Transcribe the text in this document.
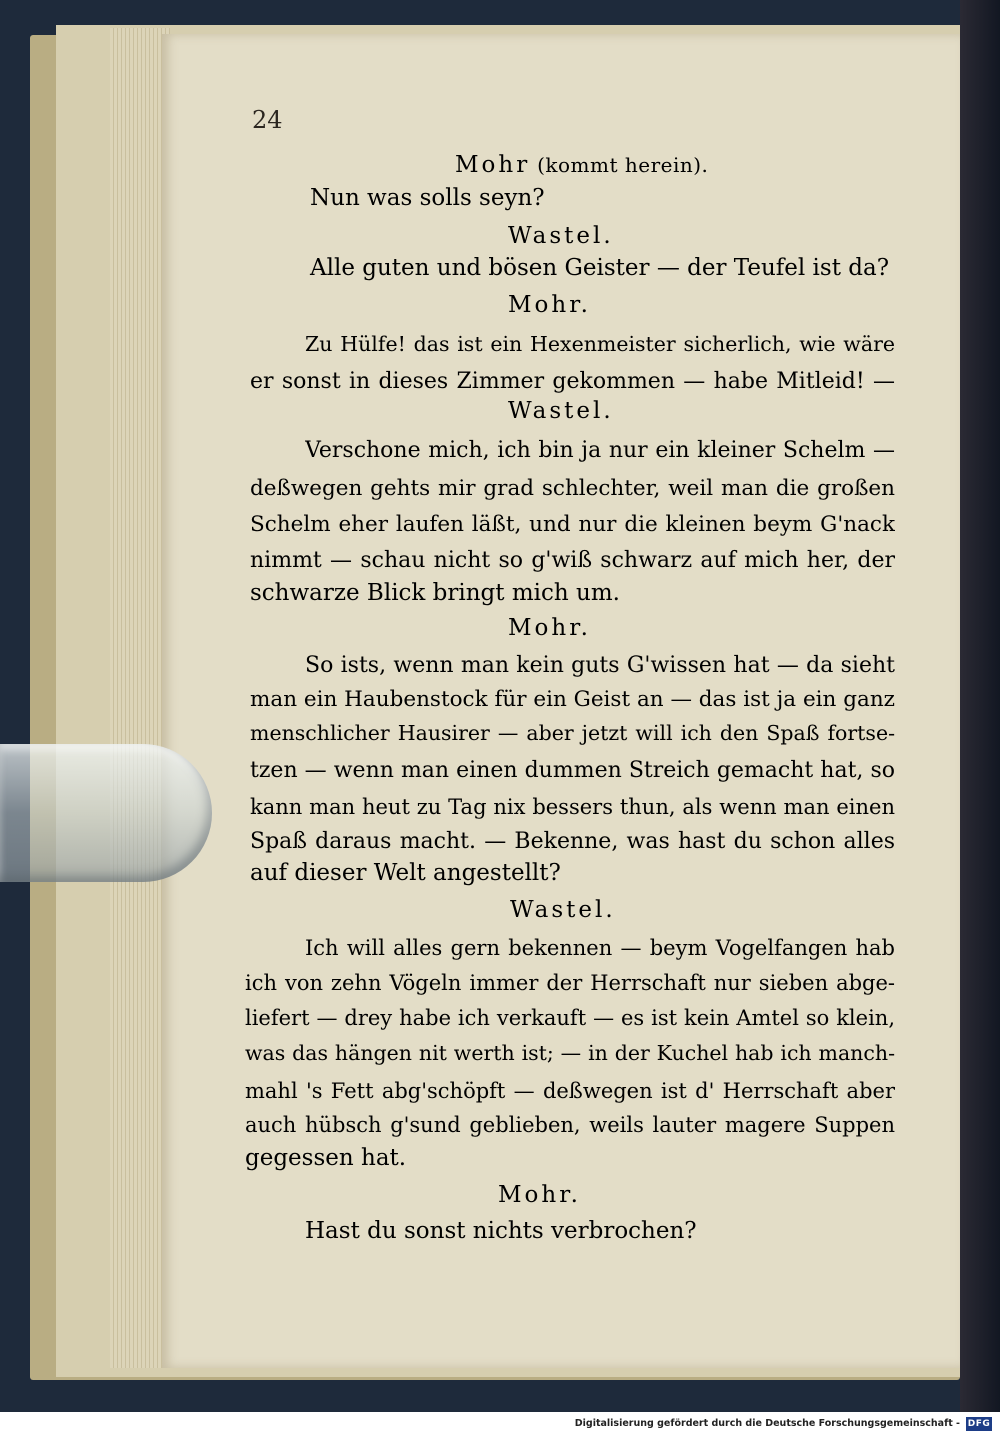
24
Mohr (kommt herein).
Nun was solls seyn?
Wastel.
Alle guten und bösen Geister — der Teufel ist da?
Mohr.
Zu Hülfe! das ist ein Hexenmeister sicherlich, wie wäre
er sonst in dieses Zimmer gekommen — habe Mitleid! —
Wastel.
Verschone mich, ich bin ja nur ein kleiner Schelm —
deßwegen gehts mir grad schlechter, weil man die großen
Schelm eher laufen läßt, und nur die kleinen beym G'nack
nimmt — schau nicht so g'wiß schwarz auf mich her, der
schwarze Blick bringt mich um.
Mohr.
So ists, wenn man kein guts G'wissen hat — da sieht
man ein Haubenstock für ein Geist an — das ist ja ein ganz
menschlicher Hausirer — aber jetzt will ich den Spaß fortse-
tzen — wenn man einen dummen Streich gemacht hat, so
kann man heut zu Tag nix bessers thun, als wenn man einen
Spaß daraus macht. — Bekenne, was hast du schon alles
auf dieser Welt angestellt?
Wastel.
Ich will alles gern bekennen — beym Vogelfangen hab
ich von zehn Vögeln immer der Herrschaft nur sieben abge-
liefert — drey habe ich verkauft — es ist kein Amtel so klein,
was das hängen nit werth ist; — in der Kuchel hab ich manch-
mahl 's Fett abg'schöpft — deßwegen ist d' Herrschaft aber
auch hübsch g'sund geblieben, weils lauter magere Suppen
gegessen hat.
Mohr.
Hast du sonst nichts verbrochen?
Digitalisierung gefördert durch die Deutsche Forschungsgemeinschaft - DFG
